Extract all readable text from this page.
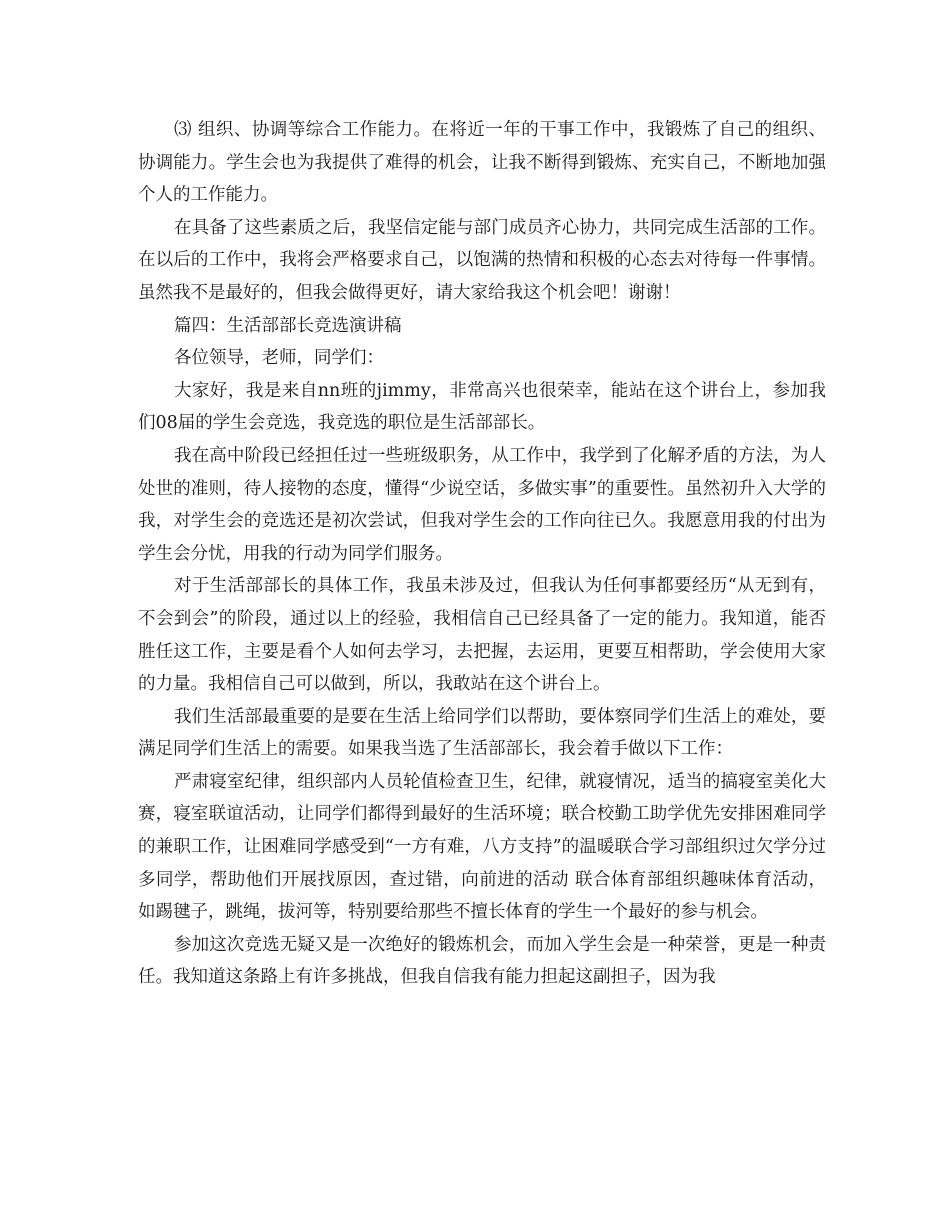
⑶ 组织、协调等综合工作能力。在将近一年的干事工作中，我锻炼了自己的组织、协调能力。学生会也为我提供了难得的机会，让我不断得到锻炼、充实自己，不断地加强个人的工作能力。

在具备了这些素质之后，我坚信定能与部门成员齐心协力，共同完成生活部的工作。在以后的工作中，我将会严格要求自己，以饱满的热情和积极的心态去对待每一件事情。虽然我不是最好的，但我会做得更好，请大家给我这个机会吧！谢谢！

篇四：生活部部长竞选演讲稿

各位领导，老师，同学们：

大家好，我是来自nn班的jimmy，非常高兴也很荣幸，能站在这个讲台上，参加我们08届的学生会竞选，我竞选的职位是生活部部长。

我在高中阶段已经担任过一些班级职务，从工作中，我学到了化解矛盾的方法，为人处世的准则，待人接物的态度，懂得“少说空话，多做实事”的重要性。虽然初升入大学的我，对学生会的竞选还是初次尝试，但我对学生会的工作向往已久。我愿意用我的付出为学生会分忧，用我的行动为同学们服务。

对于生活部部长的具体工作，我虽未涉及过，但我认为任何事都要经历“从无到有，不会到会”的阶段，通过以上的经验，我相信自己已经具备了一定的能力。我知道，能否胜任这工作，主要是看个人如何去学习，去把握，去运用，更要互相帮助，学会使用大家的力量。我相信自己可以做到，所以，我敢站在这个讲台上。

我们生活部最重要的是要在生活上给同学们以帮助，要体察同学们生活上的难处，要满足同学们生活上的需要。如果我当选了生活部部长，我会着手做以下工作：

严肃寝室纪律，组织部内人员轮值检查卫生，纪律，就寝情况，适当的搞寝室美化大赛，寝室联谊活动，让同学们都得到最好的生活环境；联合校勤工助学优先安排困难同学的兼职工作，让困难同学感受到“一方有难，八方支持”的温暖联合学习部组织过欠学分过多同学，帮助他们开展找原因，查过错，向前进的活动 联合体育部组织趣味体育活动，如踢毽子，跳绳，拔河等，特别要给那些不擅长体育的学生一个最好的参与机会。

参加这次竞选无疑又是一次绝好的锻炼机会，而加入学生会是一种荣誉，更是一种责任。我知道这条路上有许多挑战，但我自信我有能力担起这副担子，因为我
